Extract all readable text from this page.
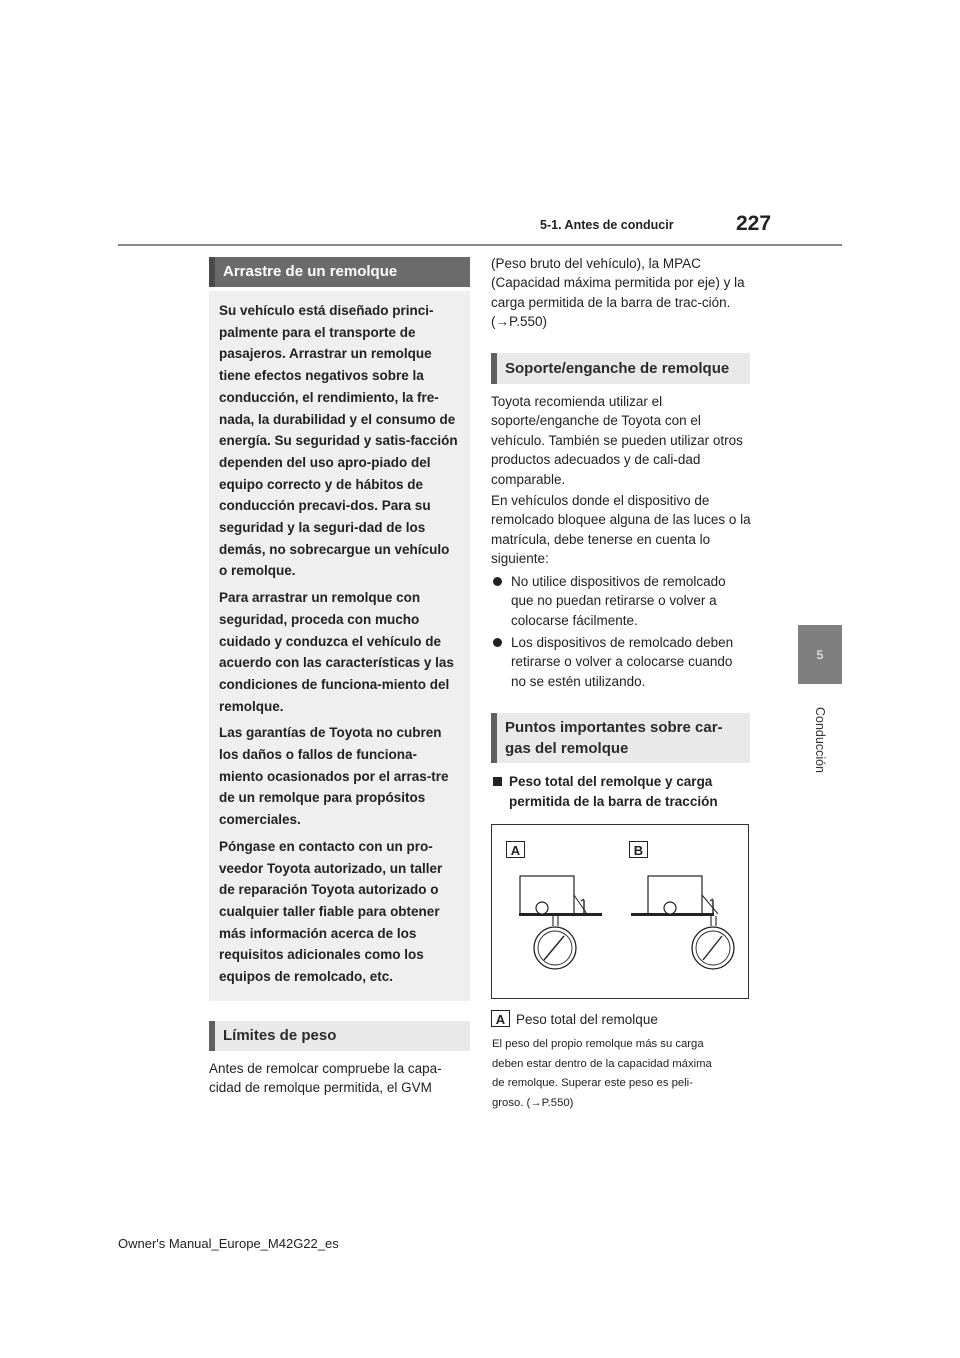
5-1. Antes de conducir	227
5
Conducción
Arrastre de un remolque

Su vehículo está diseñado princi-palmente para el transporte de pasajeros. Arrastrar un remolque tiene efectos negativos sobre la conducción, el rendimiento, la fre-nada, la durabilidad y el consumo de energía. Su seguridad y satis-facción dependen del uso apro-piado del equipo correcto y de hábitos de conducción precavi-dos. Para su seguridad y la seguri-dad de los demás, no sobrecargue un vehículo o remolque.

Para arrastrar un remolque con seguridad, proceda con mucho cuidado y conduzca el vehículo de acuerdo con las características y las condiciones de funciona-miento del remolque.

Las garantías de Toyota no cubren los daños o fallos de funciona-miento ocasionados por el arras-tre de un remolque para propósitos comerciales.

Póngase en contacto con un pro-veedor Toyota autorizado, un taller de reparación Toyota autorizado o cualquier taller fiable para obtener más información acerca de los requisitos adicionales como los equipos de remolcado, etc.

Límites de peso

Antes de remolcar compruebe la capa-cidad de remolque permitida, el GVM

(Peso bruto del vehículo), la MPAC (Capacidad máxima permitida por eje) y la carga permitida de la barra de trac-ción. (→P.550)

Soporte/enganche de remolque

Toyota recomienda utilizar el soporte/enganche de Toyota con el vehículo. También se pueden utilizar otros productos adecuados y de cali-dad comparable.

En vehículos donde el dispositivo de remolcado bloquee alguna de las luces o la matrícula, debe tenerse en cuenta lo siguiente:

No utilice dispositivos de remolcado que no puedan retirarse o volver a colocarse fácilmente.
Los dispositivos de remolcado deben retirarse o volver a colocarse cuando no se estén utilizando.
Puntos importantes sobre car-
gas del remolque
Peso total del remolque y carga
permitida de la barra de tracción
A	B
A Peso total del remolque

El peso del propio remolque más su carga

deben estar dentro de la capacidad máxima

de remolque. Superar este peso es peli-

groso. (→P.550)

Owner's Manual_Europe_M42G22_es
